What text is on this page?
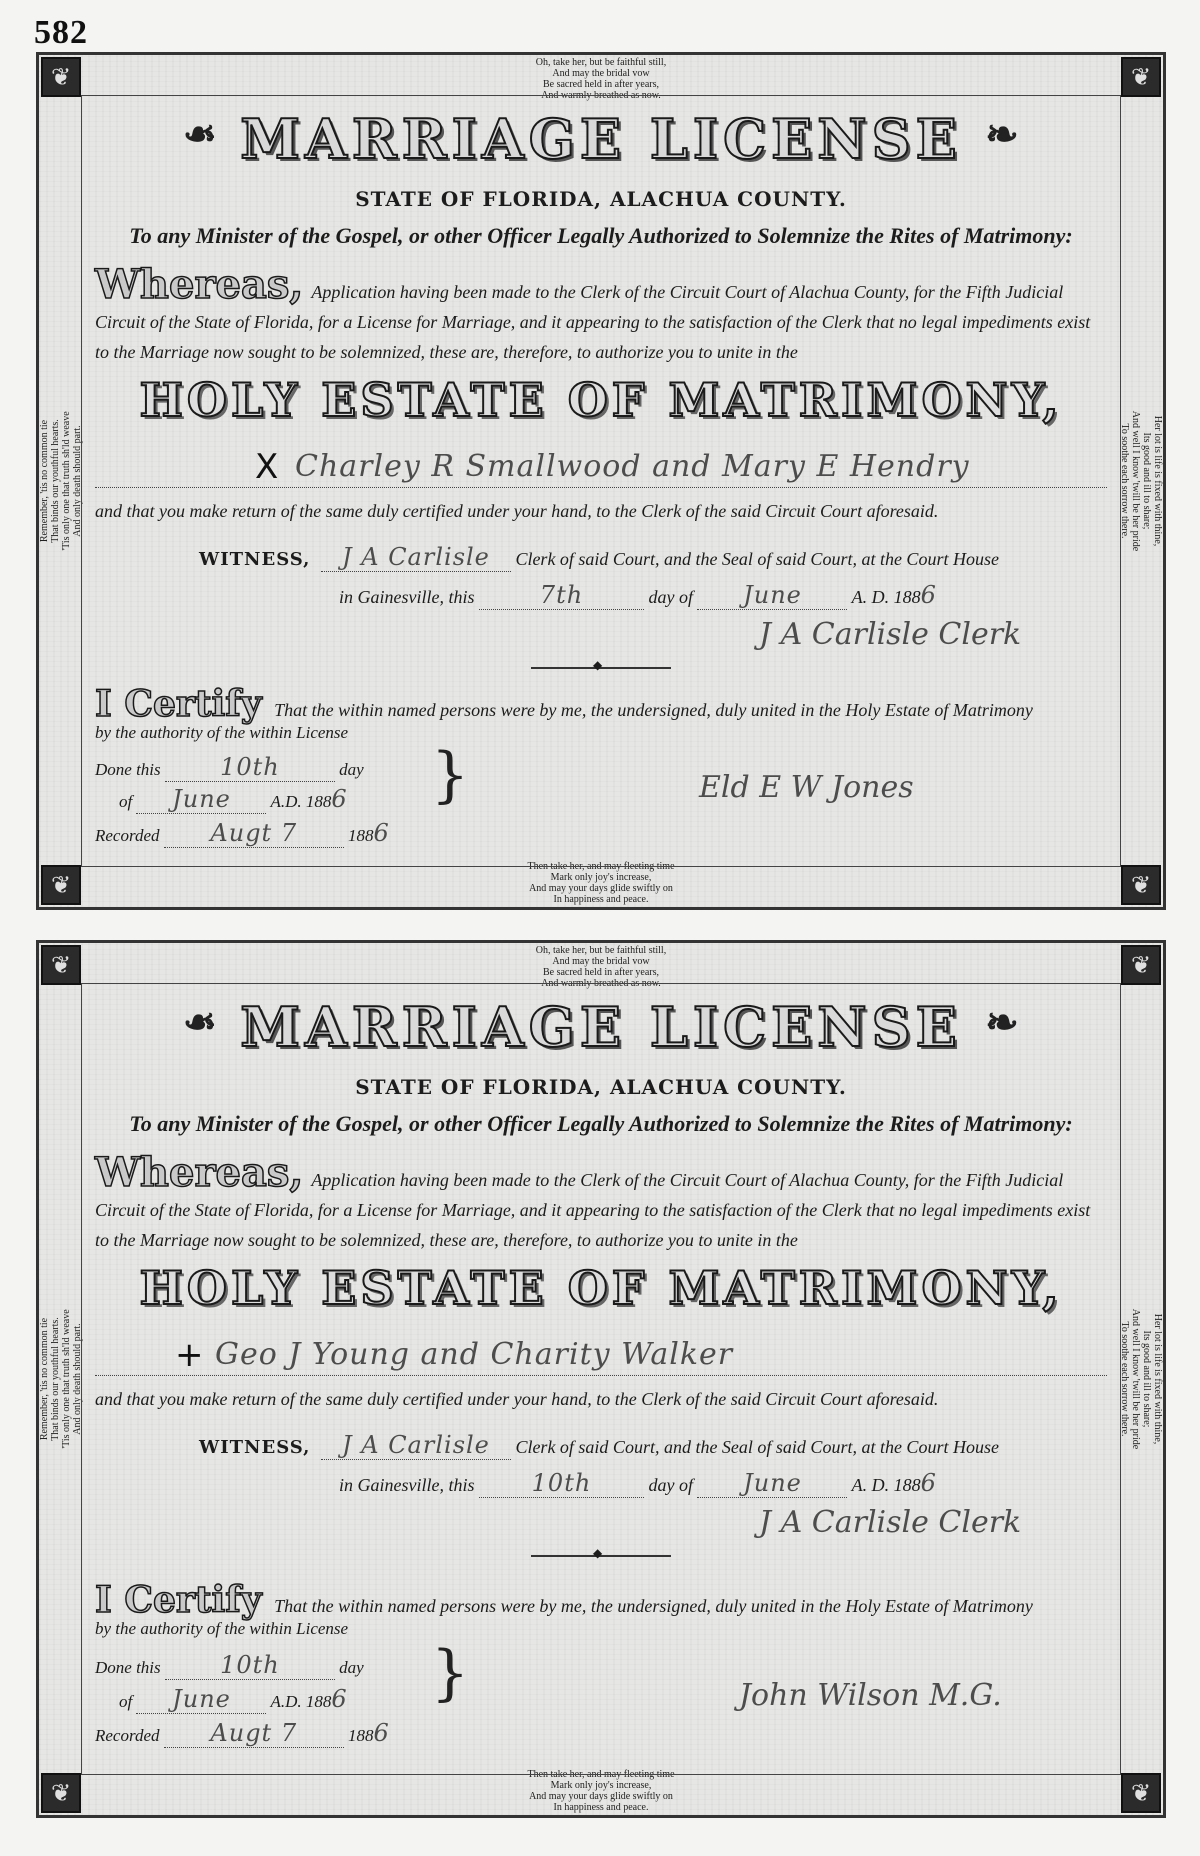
582
❦
❦
❦
❦
Oh, take her, but be faithful still,
And may the bridal vow
Be sacred held in after years,
And warmly breathed as now.
Then take her, and may fleeting time
Mark only joy's increase,
And may your days glide swiftly on
In happiness and peace.
Remember, 'tis no common tie That binds our youthful hearts. 'Tis only one that truth sh'ld weave And only death should part.	Her lot is life is fixed with thine,
Its good and ill to share;
And well I know 'twill be her pride
To soothe each sorrow there.
❧ MARRIAGE LICENSE ❧
STATE OF FLORIDA, ALACHUA COUNTY.
To any Minister of the Gospel, or other Officer Legally Authorized to Solemnize the Rites of Matrimony:
Whereas, Application having been made to the Clerk of the Circuit Court of Alachua County, for the Fifth Judicial Circuit of the State of Florida, for a License for Marriage, and it appearing to the satisfaction of the Clerk that no legal impediments exist to the Marriage now sought to be solemnized, these are, therefore, to authorize you to unite in the
HOLY ESTATE OF MATRIMONY,
X Charley R Smallwood and Mary E Hendry
and that you make return of the same duly certified under your hand, to the Clerk of the said Circuit Court aforesaid.
WITNESS, J A Carlisle Clerk of said Court, and the Seal of said Court, at the Court House
in Gainesville, this	7th	day of June	A. D. 1886
J A Carlisle Clerk
◆
I Certify That the within named persons were by me, the undersigned, duly united in the Holy Estate of Matrimony
by the authority of the within License
Done this 10th	day
of June A.D. 1886 }
Recorded Augt 7	1886
Eld E W Jones
❦
❦
❦
❦
Oh, take her, but be faithful still,
And may the bridal vow
Be sacred held in after years,
And warmly breathed as now.
Then take her, and may fleeting time
Mark only joy's increase,
And may your days glide swiftly on
In happiness and peace.
Remember, 'tis no common tie That binds our youthful hearts. 'Tis only one that truth sh'ld weave And only death should part.	Her lot is life is fixed with thine,
Its good and ill to share;
And well I know 'twill be her pride
To soothe each sorrow there.
❧ MARRIAGE LICENSE ❧
STATE OF FLORIDA, ALACHUA COUNTY.
To any Minister of the Gospel, or other Officer Legally Authorized to Solemnize the Rites of Matrimony:
Whereas, Application having been made to the Clerk of the Circuit Court of Alachua County, for the Fifth Judicial Circuit of the State of Florida, for a License for Marriage, and it appearing to the satisfaction of the Clerk that no legal impediments exist to the Marriage now sought to be solemnized, these are, therefore, to authorize you to unite in the
HOLY ESTATE OF MATRIMONY,
+ Geo J Young and Charity Walker
and that you make return of the same duly certified under your hand, to the Clerk of the said Circuit Court aforesaid.
WITNESS, J A Carlisle Clerk of said Court, and the Seal of said Court, at the Court House
in Gainesville, this 10th	day of June	A. D. 1886
J A Carlisle Clerk
◆
I Certify That the within named persons were by me, the undersigned, duly united in the Holy Estate of Matrimony
by the authority of the within License
Done this 10th	day
of June A.D. 1886 }
Recorded Augt 7	1886
John Wilson M.G.
